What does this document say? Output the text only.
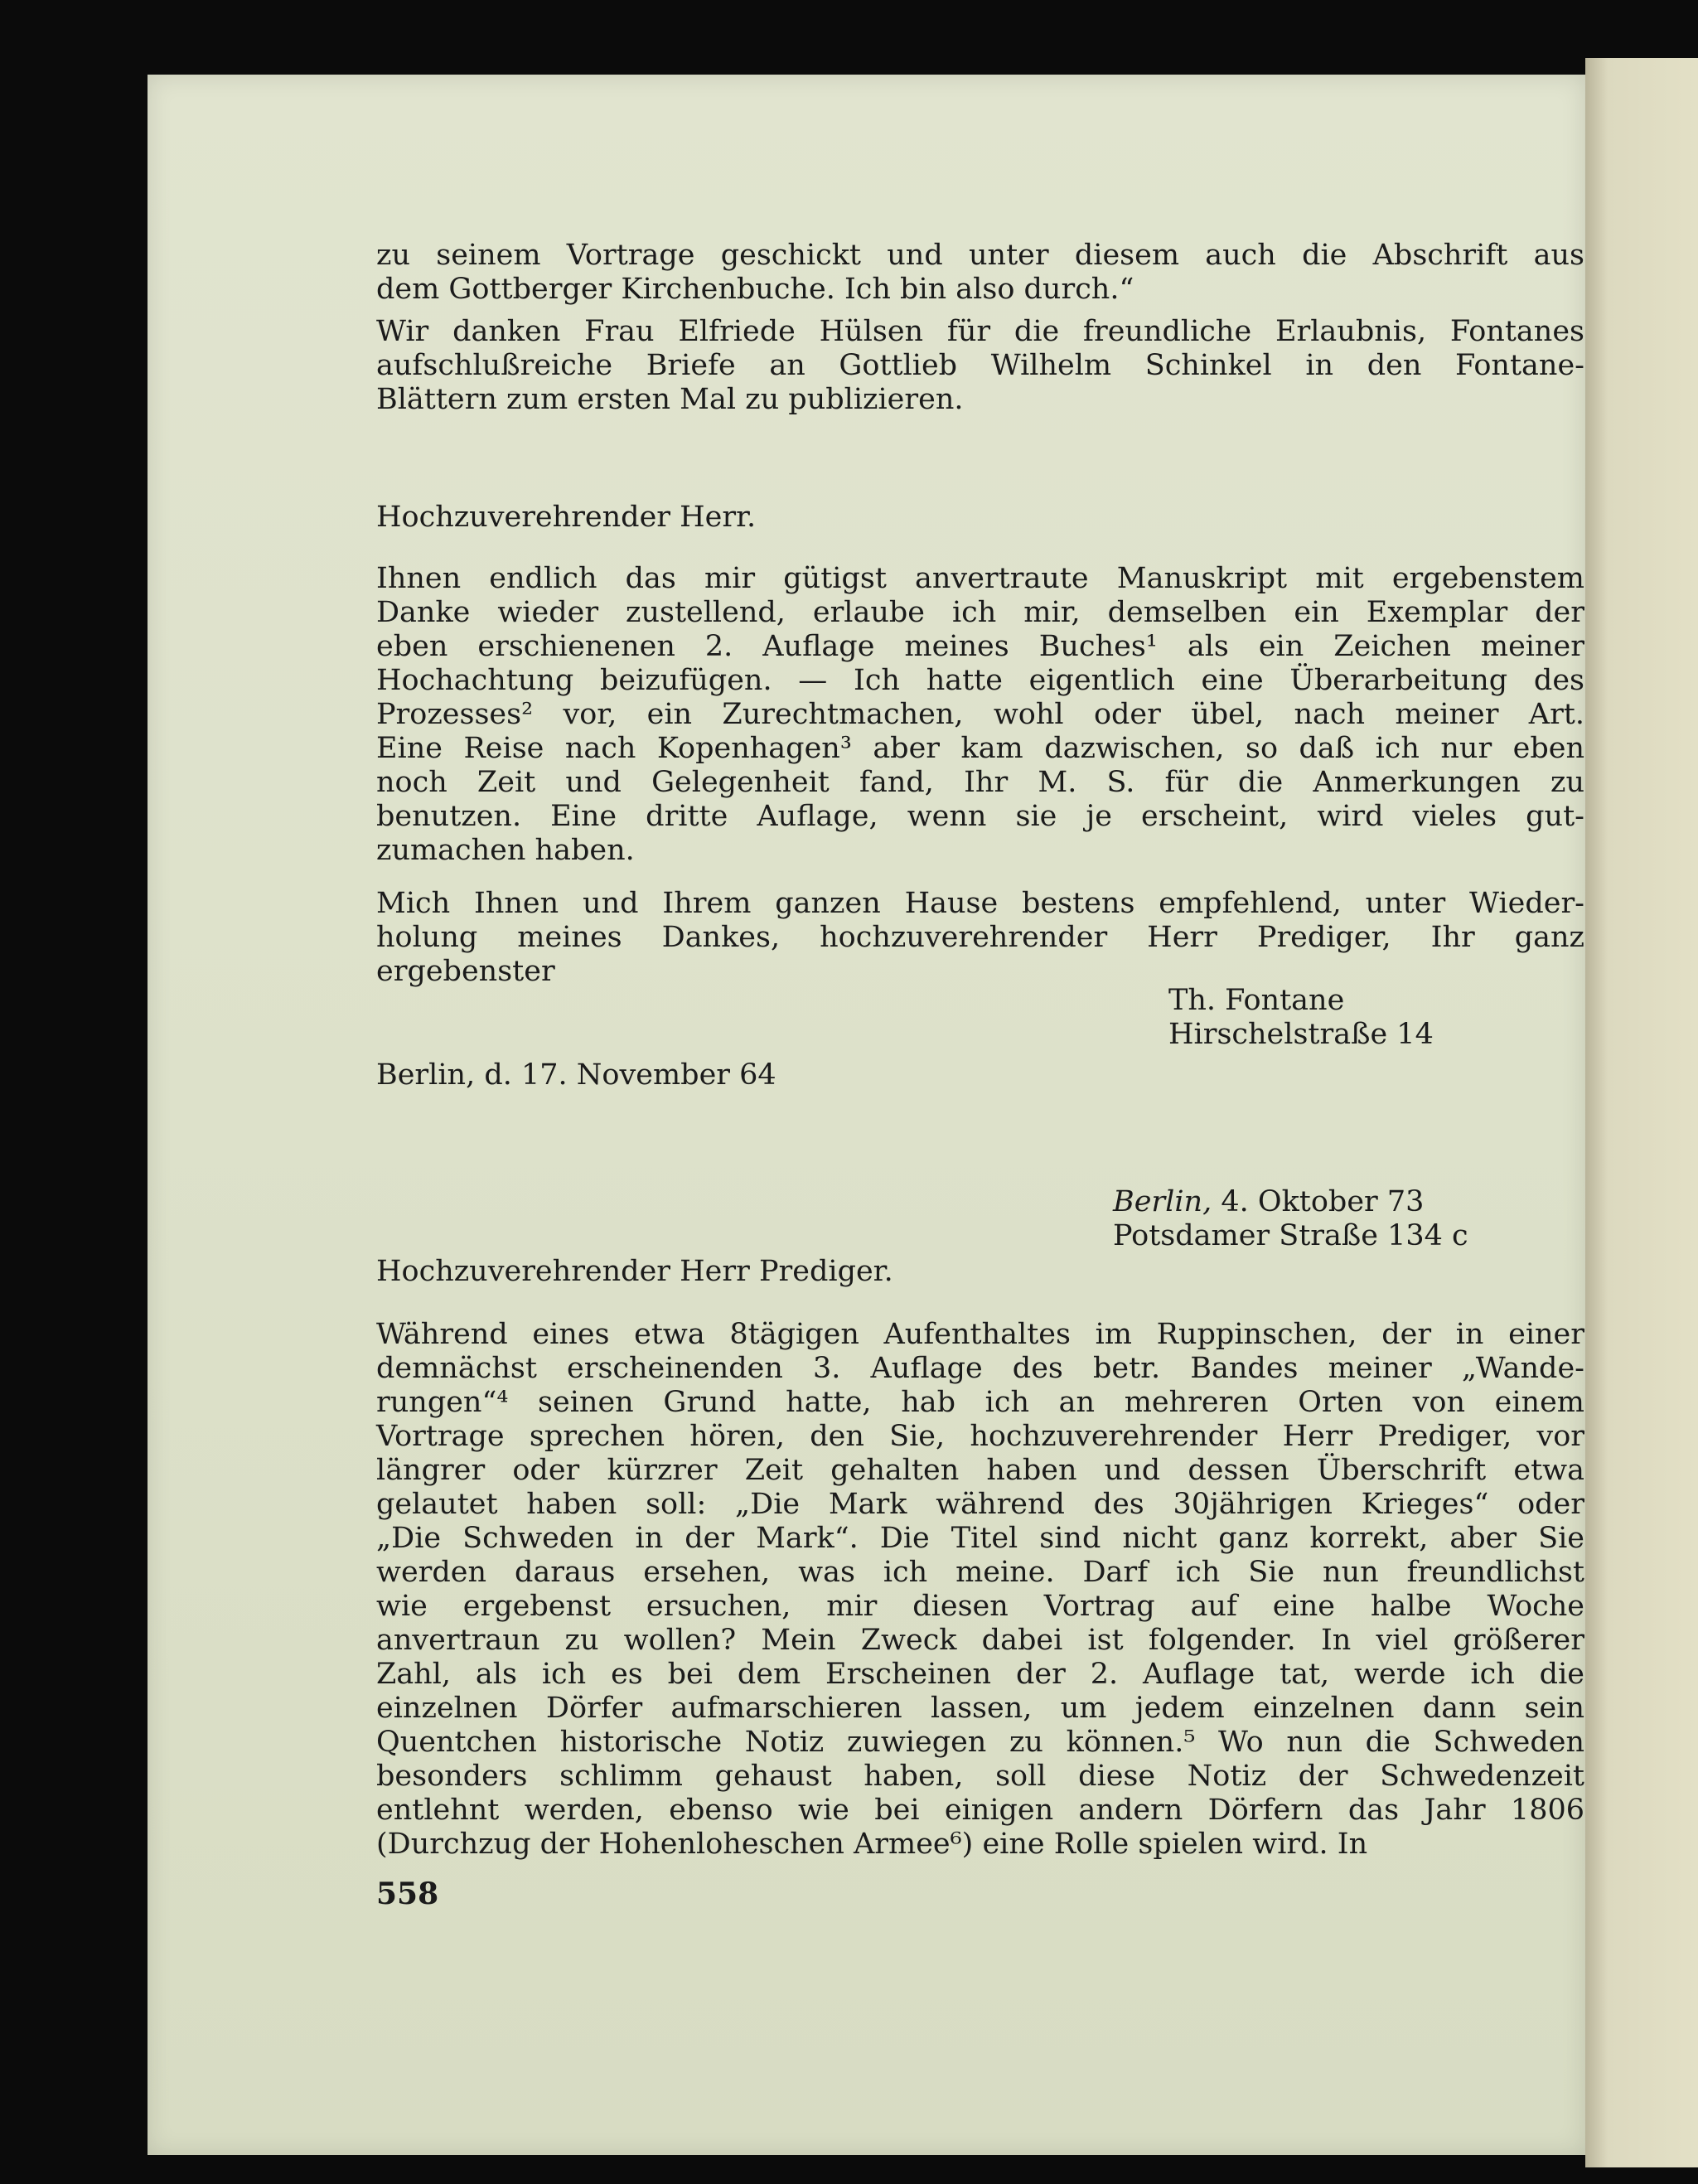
zu seinem Vortrage geschickt und unter diesem auch die Abschrift aus

dem Gottberger Kirchenbuche. Ich bin also durch.“

Wir danken Frau Elfriede Hülsen für die freundliche Erlaubnis, Fontanes

aufschlußreiche Briefe an Gottlieb Wilhelm Schinkel in den Fontane-

Blättern zum ersten Mal zu publizieren.

Hochzuverehrender Herr.

Ihnen endlich das mir gütigst anvertraute Manuskript mit ergebenstem

Danke wieder zustellend, erlaube ich mir, demselben ein Exemplar der

eben erschienenen 2. Auflage meines Buches¹ als ein Zeichen meiner

Hochachtung beizufügen. — Ich hatte eigentlich eine Überarbeitung des

Prozesses² vor, ein Zurechtmachen, wohl oder übel, nach meiner Art.

Eine Reise nach Kopenhagen³ aber kam dazwischen, so daß ich nur eben

noch Zeit und Gelegenheit fand, Ihr M. S. für die Anmerkungen zu

benutzen. Eine dritte Auflage, wenn sie je erscheint, wird vieles gut-

zumachen haben.

Mich Ihnen und Ihrem ganzen Hause bestens empfehlend, unter Wieder-

holung meines Dankes, hochzuverehrender Herr Prediger, Ihr ganz

ergebenster

Th. Fontane

Hirschelstraße 14

Berlin, d. 17. November 64

Berlin, 4. Oktober 73

Potsdamer Straße 134 c

Hochzuverehrender Herr Prediger.

Während eines etwa 8tägigen Aufenthaltes im Ruppinschen, der in einer

demnächst erscheinenden 3. Auflage des betr. Bandes meiner „Wande-

rungen“⁴ seinen Grund hatte, hab ich an mehreren Orten von einem

Vortrage sprechen hören, den Sie, hochzuverehrender Herr Prediger, vor

längrer oder kürzrer Zeit gehalten haben und dessen Überschrift etwa

gelautet haben soll: „Die Mark während des 30jährigen Krieges“ oder

„Die Schweden in der Mark“. Die Titel sind nicht ganz korrekt, aber Sie

werden daraus ersehen, was ich meine. Darf ich Sie nun freundlichst

wie ergebenst ersuchen, mir diesen Vortrag auf eine halbe Woche

anvertraun zu wollen? Mein Zweck dabei ist folgender. In viel größerer

Zahl, als ich es bei dem Erscheinen der 2. Auflage tat, werde ich die

einzelnen Dörfer aufmarschieren lassen, um jedem einzelnen dann sein

Quentchen historische Notiz zuwiegen zu können.⁵ Wo nun die Schweden

besonders schlimm gehaust haben, soll diese Notiz der Schwedenzeit

entlehnt werden, ebenso wie bei einigen andern Dörfern das Jahr 1806

(Durchzug der Hohenloheschen Armee⁶) eine Rolle spielen wird. In

558
